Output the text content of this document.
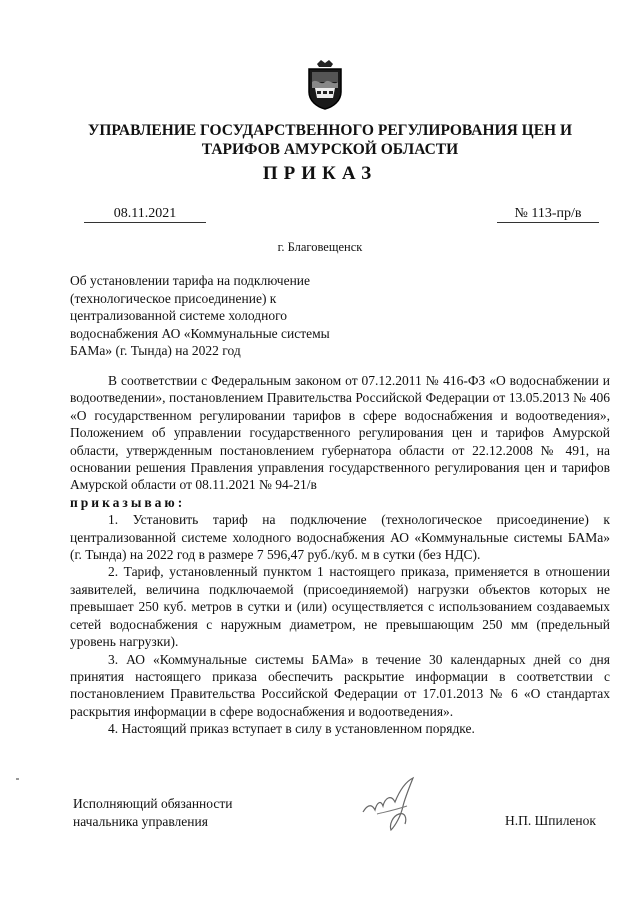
УПРАВЛЕНИЕ ГОСУДАРСТВЕННОГО РЕГУЛИРОВАНИЯ ЦЕН И
ТАРИФОВ АМУРСКОЙ ОБЛАСТИ
ПРИКАЗ
08.11.2021	№ 113-пр/в
г. Благовещенск
Об установлении тарифа на подключение (технологическое присоединение) к централизованной системе холодного водоснабжения АО «Коммунальные системы БАМа» (г. Тында) на 2022 год

В соответствии с Федеральным законом от 07.12.2011 № 416-ФЗ «О водоснабжении и водоотведении», постановлением Правительства Российской Федерации от 13.05.2013 № 406 «О государственном регулировании тарифов в сфере водоснабжения и водоотведения», Положением об управлении государственного регулирования цен и тарифов Амурской области, утвержденным постановлением губернатора области от 22.12.2008 № 491, на основании решения Правления управления государственного регулирования цен и тарифов Амурской области от 08.11.2021 № 94-21/в

приказываю:

1. Установить тариф на подключение (технологическое присоединение) к централизованной системе холодного водоснабжения АО «Коммунальные системы БАМа» (г. Тында) на 2022 год в размере 7 596,47 руб./куб. м в сутки (без НДС).

2. Тариф, установленный пунктом 1 настоящего приказа, применяется в отношении заявителей, величина подключаемой (присоединяемой) нагрузки объектов которых не превышает 250 куб. метров в сутки и (или) осуществляется с использованием создаваемых сетей водоснабжения с наружным диаметром, не превышающим 250 мм (предельный уровень нагрузки).

3. АО «Коммунальные системы БАМа» в течение 30 календарных дней со дня принятия настоящего приказа обеспечить раскрытие информации в соответствии с постановлением Правительства Российской Федерации от 17.01.2013 № 6 «О стандартах раскрытия информации в сфере водоснабжения и водоотведения».

4. Настоящий приказ вступает в силу в установленном порядке.

Исполняющий обязанности
начальника управления	Н.П. Шпиленок
